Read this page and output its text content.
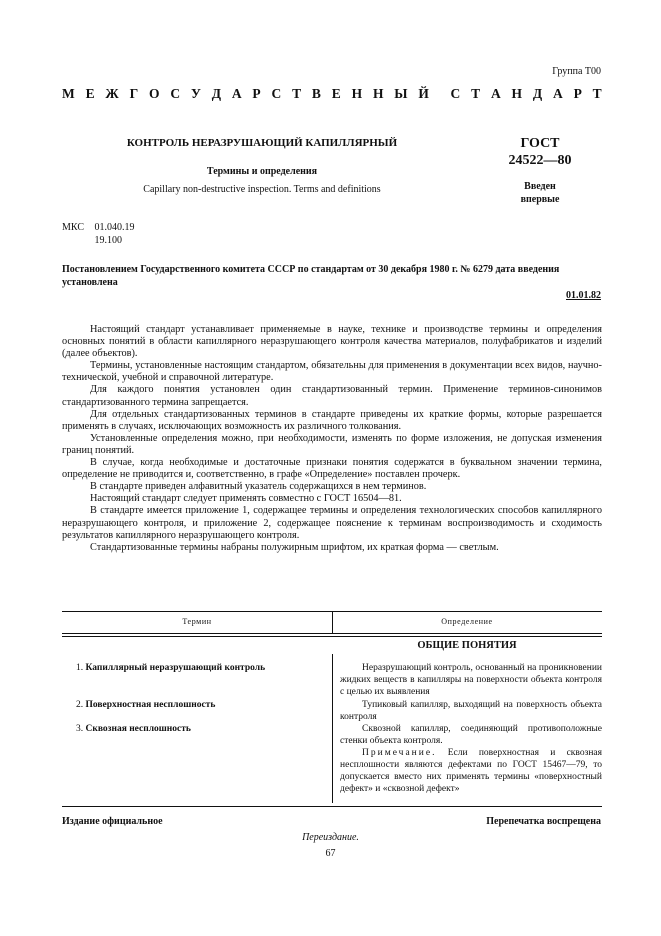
Группа Т00
М Е Ж Г О С У Д А Р С Т В Е Н Н Ы Й С Т А Н Д А Р Т
КОНТРОЛЬ НЕРАЗРУШАЮЩИЙ КАПИЛЛЯРНЫЙ
Термины и определения
Capillary non-destructive inspection. Terms and definitions
ГОСТ
24522—80
Введен
впервые
МКС 01.040.19
19.100
Постановлением Государственного комитета СССР по стандартам от 30 декабря 1980 г. № 6279 дата введения установлена
01.01.82

Настоящий стандарт устанавливает применяемые в науке, технике и производстве термины и определения основных понятий в области капиллярного неразрушающего контроля качества материалов, полуфабрикатов и изделий (далее объектов).

Термины, установленные настоящим стандартом, обязательны для применения в документации всех видов, научно-технической, учебной и справочной литературе.

Для каждого понятия установлен один стандартизованный термин. Применение терминов-синонимов стандартизованного термина запрещается.

Для отдельных стандартизованных терминов в стандарте приведены их краткие формы, которые разрешается применять в случаях, исключающих возможность их различного толкования.

Установленные определения можно, при необходимости, изменять по форме изложения, не допуская изменения границ понятий.

В случае, когда необходимые и достаточные признаки понятия содержатся в буквальном значении термина, определение не приводится и, соответственно, в графе «Определение» поставлен прочерк.

В стандарте приведен алфавитный указатель содержащихся в нем терминов.

Настоящий стандарт следует применять совместно с ГОСТ 16504—81.

В стандарте имеется приложение 1, содержащее термины и определения технологических способов капиллярного неразрушающего контроля, и приложение 2, содержащее пояснение к терминам воспроизводимость и сходимость результатов капиллярного неразрушающего контроля.

Стандартизованные термины набраны полужирным шрифтом, их краткая форма — светлым.

Термин	Определение
ОБЩИЕ ПОНЯТИЯ
1. Капиллярный неразрушающий контроль	Неразрушающий контроль, основанный на проникновении жидких веществ в капилляры на поверхности объекта контроля с целью их выявления

2. Поверхностная несплошность	Тупиковый капилляр, выходящий на поверхность объекта контроля

3. Сквозная несплошность	Сквозной капилляр, соединяющий противоположные стенки объекта контроля.

Примечание. Если поверхностная и сквозная несплошности являются дефектами по ГОСТ 15467—79, то допускается вместо них применять термины «поверхностный дефект» и «сквозной дефект»

Издание официальное	Перепечатка воспрещена
Переиздание.
67
